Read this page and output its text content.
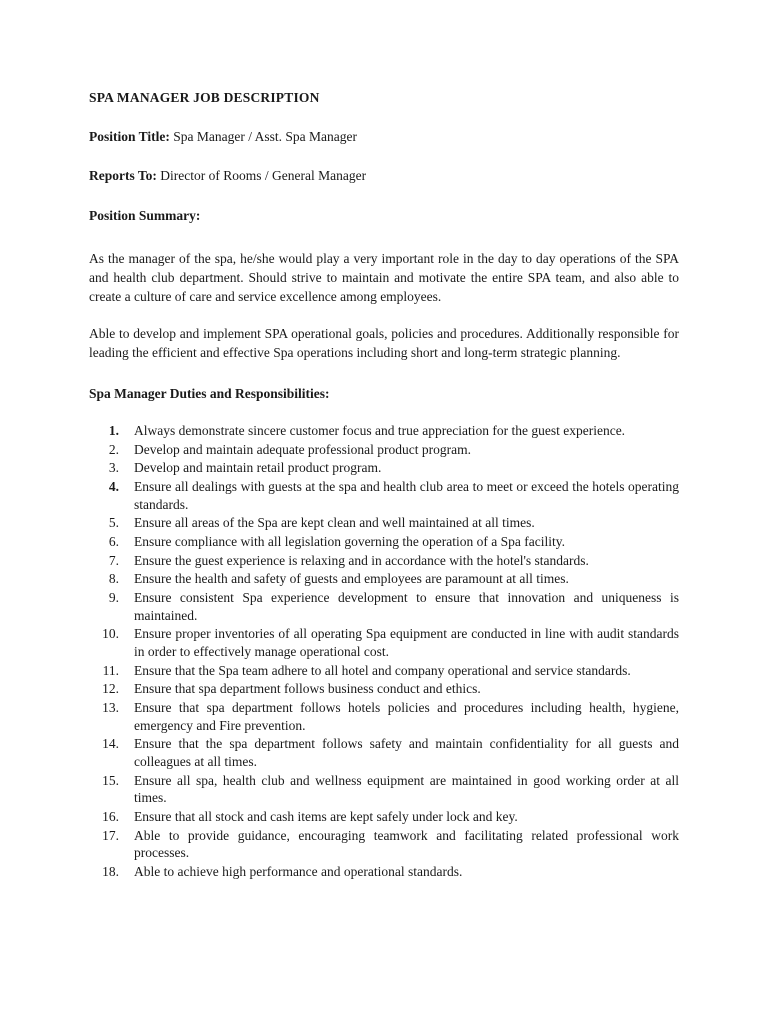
SPA MANAGER JOB DESCRIPTION

Position Title: Spa Manager / Asst. Spa Manager

Reports To: Director of Rooms / General Manager

Position Summary:

As the manager of the spa, he/she would play a very important role in the day to day operations of the SPA and health club department. Should strive to maintain and motivate the entire SPA team, and also able to create a culture of care and service excellence among employees.

Able to develop and implement SPA operational goals, policies and procedures. Additionally responsible for leading the efficient and effective Spa operations including short and long-term strategic planning.

Spa Manager Duties and Responsibilities:
1. Always demonstrate sincere customer focus and true appreciation for the guest experience.
2. Develop and maintain adequate professional product program.
3. Develop and maintain retail product program.
4. Ensure all dealings with guests at the spa and health club area to meet or exceed the hotels operating standards.
5. Ensure all areas of the Spa are kept clean and well maintained at all times.
6. Ensure compliance with all legislation governing the operation of a Spa facility.
7. Ensure the guest experience is relaxing and in accordance with the hotel's standards.
8. Ensure the health and safety of guests and employees are paramount at all times.
9. Ensure consistent Spa experience development to ensure that innovation and uniqueness is maintained.
10. Ensure proper inventories of all operating Spa equipment are conducted in line with audit standards in order to effectively manage operational cost.
11. Ensure that the Spa team adhere to all hotel and company operational and service standards.
12. Ensure that spa department follows business conduct and ethics.
13. Ensure that spa department follows hotels policies and procedures including health, hygiene, emergency and Fire prevention.
14. Ensure that the spa department follows safety and maintain confidentiality for all guests and colleagues at all times.
15. Ensure all spa, health club and wellness equipment are maintained in good working order at all times.
16. Ensure that all stock and cash items are kept safely under lock and key.
17. Able to provide guidance, encouraging teamwork and facilitating related professional work processes.
18. Able to achieve high performance and operational standards.
